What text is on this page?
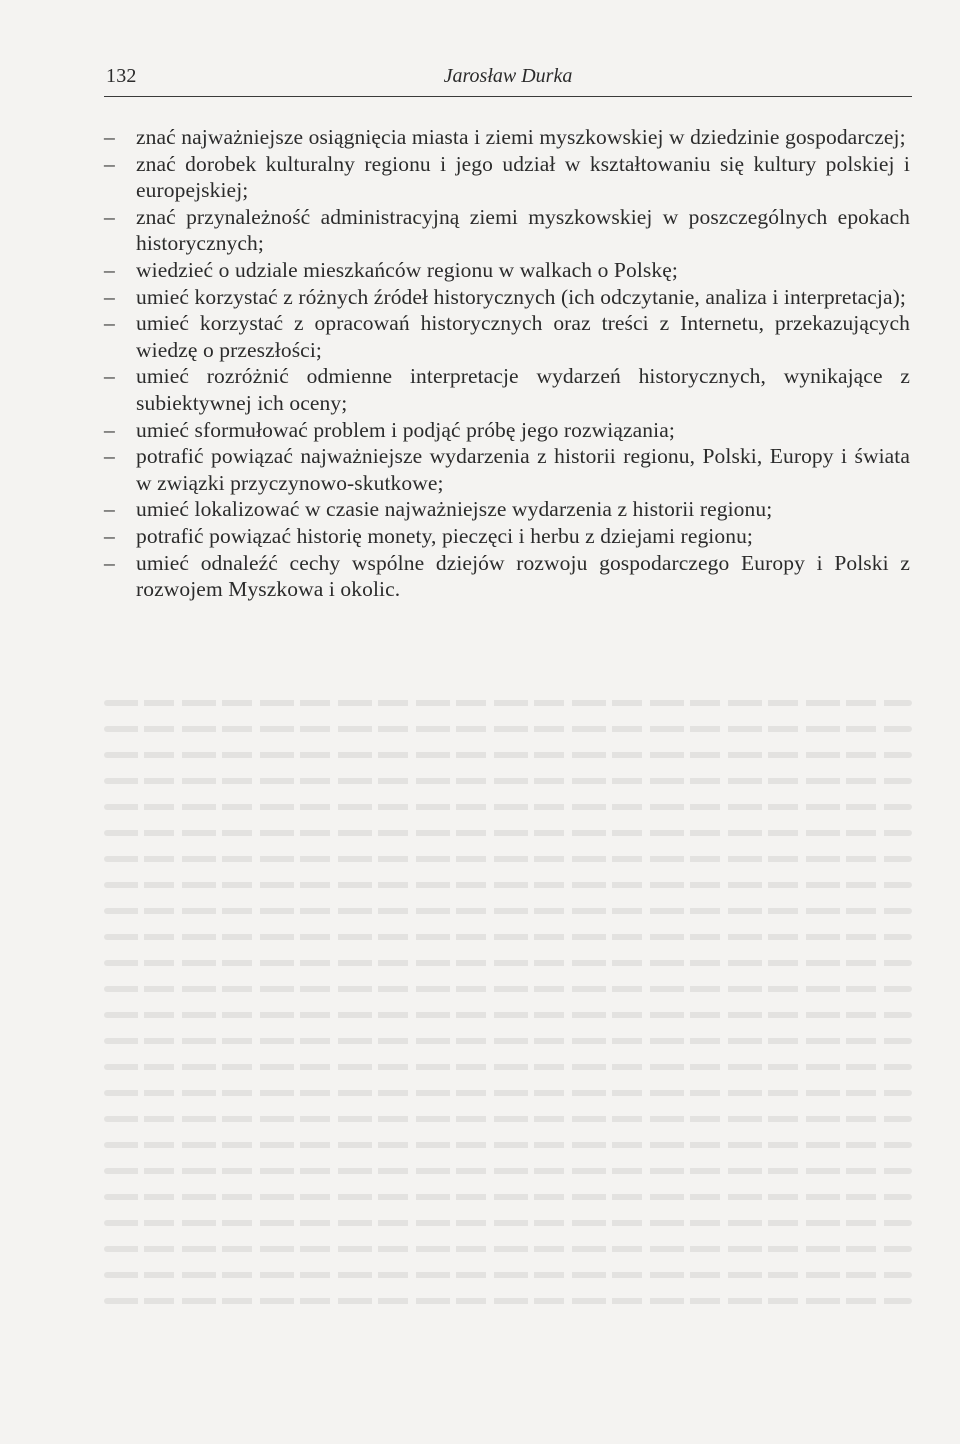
132	Jarosław Durka
– znać najważniejsze osiągnięcia miasta i ziemi myszkowskiej w dziedzinie gospodarczej;
– znać dorobek kulturalny regionu i jego udział w kształtowaniu się kultury polskiej i europejskiej;
– znać przynależność administracyjną ziemi myszkowskiej w poszczególnych epokach historycznych;
– wiedzieć o udziale mieszkańców regionu w walkach o Polskę;
– umieć korzystać z różnych źródeł historycznych (ich odczytanie, analiza i interpretacja);
– umieć korzystać z opracowań historycznych oraz treści z Internetu, przekazujących wiedzę o przeszłości;
– umieć rozróżnić odmienne interpretacje wydarzeń historycznych, wynikające z subiektywnej ich oceny;
– umieć sformułować problem i podjąć próbę jego rozwiązania;
– potrafić powiązać najważniejsze wydarzenia z historii regionu, Polski, Europy i świata w związki przyczynowo-skutkowe;
– umieć lokalizować w czasie najważniejsze wydarzenia z historii regionu;
– potrafić powiązać historię monety, pieczęci i herbu z dziejami regionu;
– umieć odnaleźć cechy wspólne dziejów rozwoju gospodarczego Europy i Polski z rozwojem Myszkowa i okolic.
